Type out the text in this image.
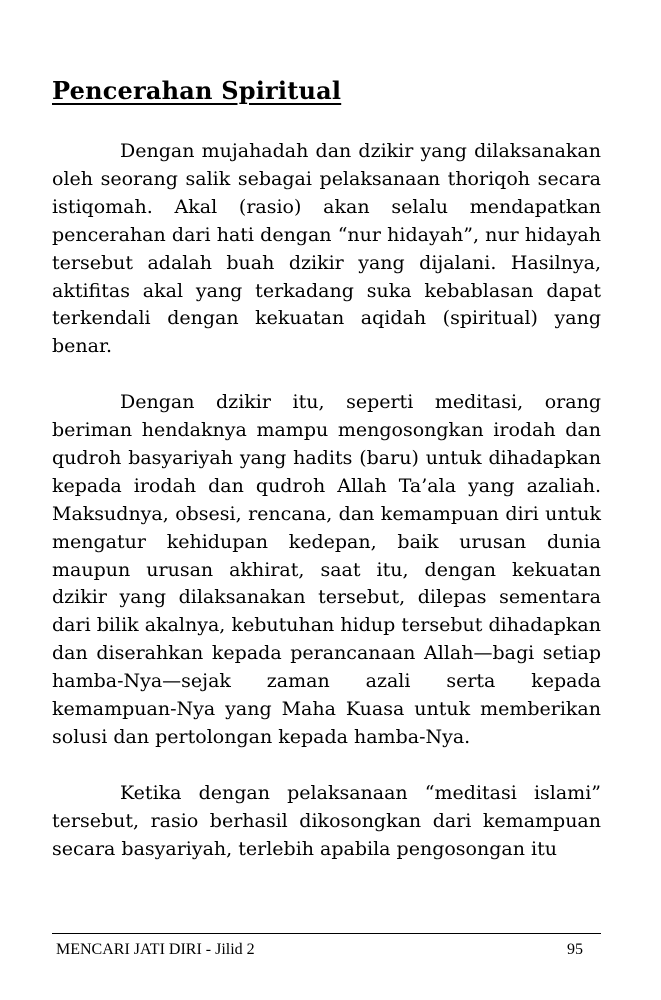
Pencerahan Spiritual

Dengan mujahadah dan dzikir yang dilaksanakan oleh seorang salik sebagai pelaksanaan thoriqoh secara istiqomah. Akal (rasio) akan selalu mendapatkan pencerahan dari hati dengan “nur hidayah”, nur hidayah tersebut adalah buah dzikir yang dijalani. Hasilnya, aktifitas akal yang terkadang suka kebablasan dapat terkendali dengan kekuatan aqidah (spiritual) yang benar.

Dengan dzikir itu, seperti meditasi, orang beriman hendaknya mampu mengosongkan irodah dan qudroh basyariyah yang hadits (baru) untuk dihadapkan kepada irodah dan qudroh Allah Ta’ala yang azaliah. Maksudnya, obsesi, rencana, dan kemampuan diri untuk mengatur kehidupan kedepan, baik urusan dunia maupun urusan akhirat, saat itu, dengan kekuatan dzikir yang dilaksanakan tersebut, dilepas sementara dari bilik akalnya, kebutuhan hidup tersebut dihadapkan dan diserahkan kepada perancanaan Allah—bagi setiap hamba-Nya—sejak zaman azali serta kepada kemampuan-Nya yang Maha Kuasa untuk memberikan solusi dan pertolongan kepada hamba-Nya.

Ketika dengan pelaksanaan “meditasi islami” tersebut, rasio berhasil dikosongkan dari kemampuan secara basyariyah, terlebih apabila pengosongan itu

MENCARI JATI DIRI - Jilid 2	95
